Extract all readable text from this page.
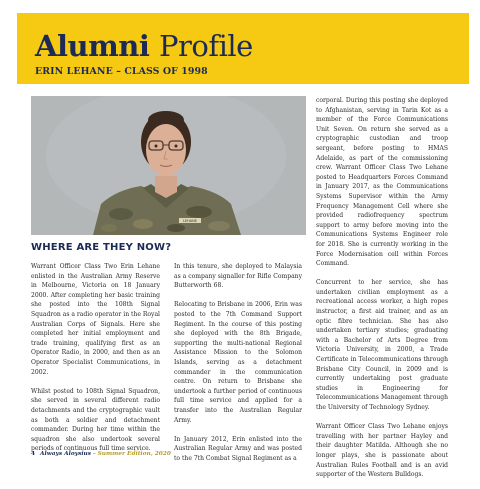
Alumni Profile
ERIN LEHANE – CLASS OF 1998
LEHANE
WHERE ARE THEY NOW?

Warrant Officer Class Two Erin Lehane enlisted in the Australian Army Reserve in Melbourne, Victoria on 18 January 2000. After completing her basic training she posted into the 108th Signal Squadron as a radio operator in the Royal Australian Corps of Signals. Here she completed her initial employment and trade training, qualifying first as an Operator Radio, in 2000, and then as an Operator Specialist Communications, in 2002.

Whilst posted to 108th Signal Squadron, she served in several different radio detachments and the cryptographic vault as both a soldier and detachment commander. During her time within the squadron she also undertook several periods of continuous full time service.

In this tenure, she deployed to Malaysia as a company signaller for Rifle Company Butterworth 68.

Relocating to Brisbane in 2006, Erin was posted to the 7th Command Support Regiment. In the course of this posting she deployed with the 8th Brigade, supporting the multi-national Regional Assistance Mission to the Solomon Islands, serving as a detachment commander in the communication centre. On return to Brisbane she undertook a further period of continuous full time service and applied for a transfer into the Australian Regular Army.

In January 2012, Erin enlisted into the Australian Regular Army and was posted to the 7th Combat Signal Regiment as a

corporal. During this posting she deployed to Afghanistan, serving in Tarin Kot as a member of the Force Communications Unit Seven. On return she served as a cryptographic custodian and troop sergeant, before posting to HMAS Adelaide, as part of the commissioning crew. Warrant Officer Class Two Lehane posted to Headquarters Forces Command in January 2017, as the Communications Systems Supervisor within the Army Frequency Management Cell where she provided radiofrequency spectrum support to army before moving into the Communications Systems Engineer role for 2018. She is currently working in the Force Modernisation cell within Forces Command.

Concurrent to her service, she has undertaken civilian employment as a recreational access worker, a high ropes instructor, a first aid trainer, and as an optic fibre technician. She has also undertaken tertiary studies; graduating with a Bachelor of Arts Degree from Victoria University, in 2000, a Trade Certificate in Telecommunications through Brisbane City Council, in 2009 and is currently undertaking post graduate studies in Engineering for Telecommunications Management through the University of Technology Sydney.

Warrant Officer Class Two Lehane enjoys travelling with her partner Hayley and their daughter Matilda. Although she no longer plays, she is passionate about Australian Rules Football and is an avid supporter of the Western Bulldogs.

4 Always Aloysius – Summer Edition, 2020
